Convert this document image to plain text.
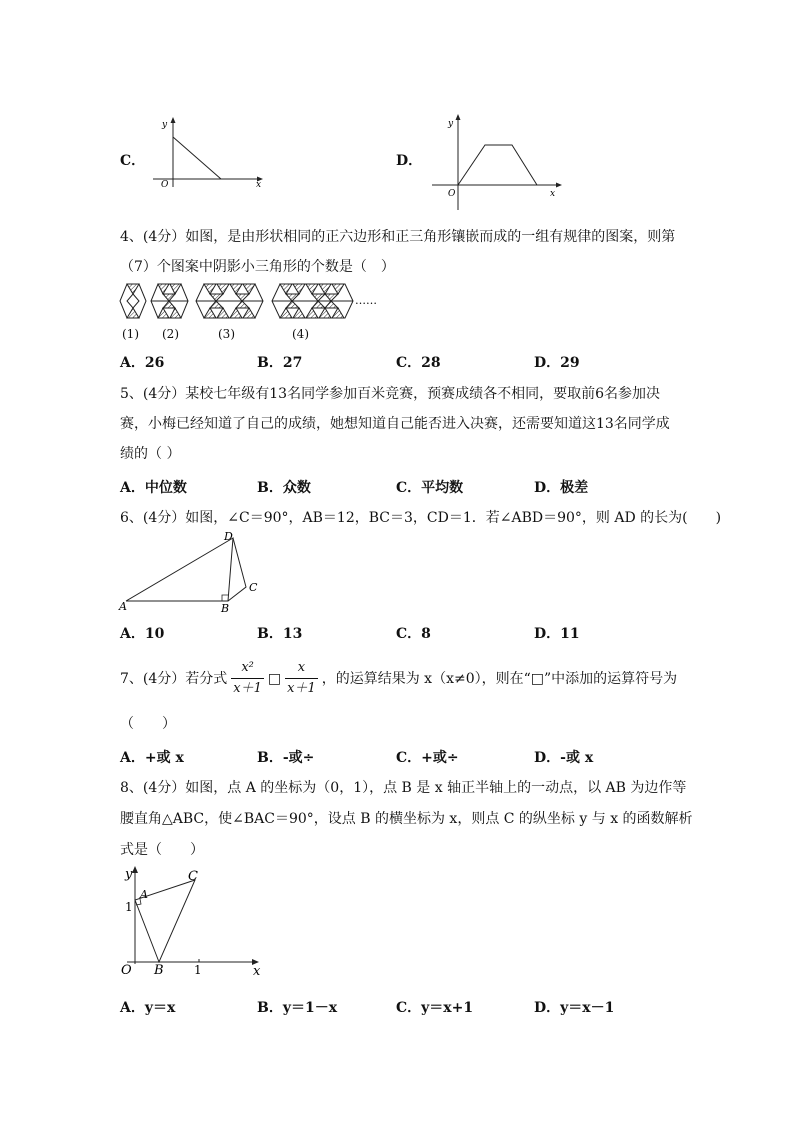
C．
y
x
O
D．
y
x
O
4、(4分）如图，是由形状相同的正六边形和正三角形镶嵌而成的一组有规律的图案，则第
（7）个图案中阴影小三角形的个数是（　）
……
(1) (2)	(3)	(4)
A．26	B．27	C．28	D．29
5、(4分）某校七年级有13名同学参加百米竞赛，预赛成绩各不相同，要取前6名参加决
赛，小梅已经知道了自己的成绩，她想知道自己能否进入决赛，还需要知道这13名同学成
绩的（ ）
A．中位数	B．众数	C．平均数	D．极差
6、(4分）如图，∠C＝90°，AB＝12，BC＝3，CD＝1．若∠ABD＝90°，则 AD 的长为(　　)
A	B
C
D
A．10	B．13	C．8	D．11
7、(4分）若分式 $\frac{\text{x²}}{x+1}$ □ $\frac{x}{x+1}$ ，的运算结果为 x（x≠0），则在“□”中添加的运算符号为
（　　）
A．+或 x	B．-或÷	C．+或÷	D．-或 x
8、(4分）如图，点 A 的坐标为（0，1），点 B 是 x 轴正半轴上的一动点，以 AB 为边作等
腰直角△ABC，使∠BAC＝90°，设点 B 的横坐标为 x，则点 C 的纵坐标 y 与 x 的函数解析
式是（　　）
y
x
O
A
B
C
1
1
A．y＝x	B．y＝1－x	C．y＝x+1	D．y＝x－1
